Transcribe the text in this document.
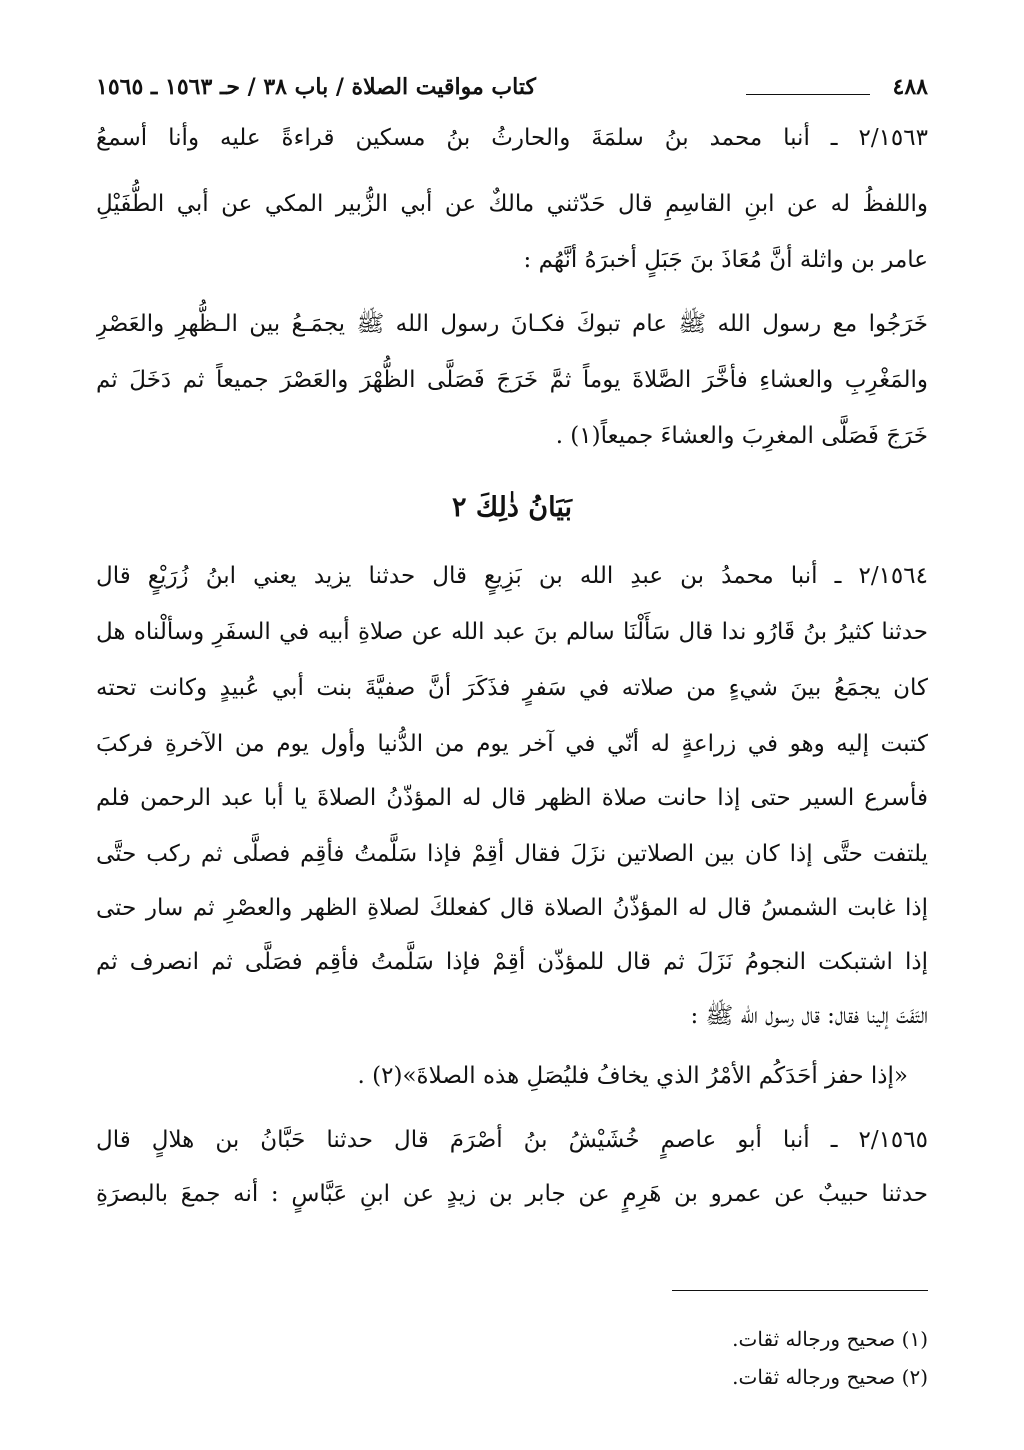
٤٨٨
كتاب مواقيت الصلاة / باب ٣٨ / حـ ١٥٦٣ ـ ١٥٦٥
٢/١٥٦٣ ـ أنبا محمد بنُ سلمَةَ والحارثُ بنُ مسكين قراءةً عليه وأنا أسمعُ
واللفظُ له عن ابنِ القاسِمِ قال حَدّثني مالكٌ عن أبي الزُّبير المكي عن أبي الطُّفَيْلِ
عامر بن واثلة أنَّ مُعَاذَ بنَ جَبَلٍ أخبرَهُ أنَّهُم :
خَرَجُوا مع رسول الله ﷺ عام تبوكَ فكـانَ رسول الله ﷺ يجمَـعُ بين الـظُّهرِ والعَصْرِ
والمَغْرِبِ والعشاءِ فأخَّرَ الصَّلاةَ يوماً ثمَّ خَرَجَ فَصَلَّى الظُّهْرَ والعَصْرَ جميعاً ثم دَخَلَ ثم
خَرَجَ فَصَلَّى المغرِبَ والعشاءَ جميعاً(١) .
بَيَانُ ذٰلِكَ ٢
٢/١٥٦٤ ـ أنبا محمدُ بن عبدِ الله بن بَزِيعٍ قال حدثنا يزيد يعني ابنُ زُرَيْعٍ قال
حدثنا كثيرُ بنُ قَارُو ندا قال سَأَلْنَا سالم بنَ عبد الله عن صلاةِ أبيه في السفَرِ وسألْناه هل
كان يجمَعُ بينَ شيءٍ من صلاته في سَفرٍ فذَكَرَ أنَّ صفيَّةَ بنت أبي عُبيدٍ وكانت تحته
كتبت إليه وهو في زراعةٍ له أنّي في آخر يوم من الدُّنيا وأول يوم من الآخرةِ فركبَ
فأسرع السير حتى إذا حانت صلاة الظهر قال له المؤذّنُ الصلاةَ يا أبا عبد الرحمن فلم
يلتفت حتَّى إذا كان بين الصلاتين نزَلَ فقال أقِمْ فإذا سَلَّمتُ فأقِم فصلَّى ثم ركب حتَّى
إذا غابت الشمسُ قال له المؤذّنُ الصلاة قال كفعلكَ لصلاةِ الظهر والعصْرِ ثم سار حتى
إذا اشتبكت النجومُ نَزَلَ ثم قال للمؤذّن أقِمْ فإذا سَلَّمتُ فأقِم فصَلَّى ثم انصرف ثم
التَفَتَ إلينا فقال: قال رسول الله ﷺ :
«إذا حفز أحَدَكُم الأمْرُ الذي يخافُ فليُصَلِ هذه الصلاةَ»(٢) .
٢/١٥٦٥ ـ أنبا أبو عاصمٍ خُشَيْشُ بنُ أصْرَمَ قال حدثنا حَبَّانُ بن هلالٍ قال
حدثنا حبيبٌ عن عمرو بن هَرِمٍ عن جابر بن زيدٍ عن ابنِ عَبَّاسٍ : أنه جمعَ بالبصرَةِ
(١) صحيح ورجاله ثقات.
(٢) صحيح ورجاله ثقات.
